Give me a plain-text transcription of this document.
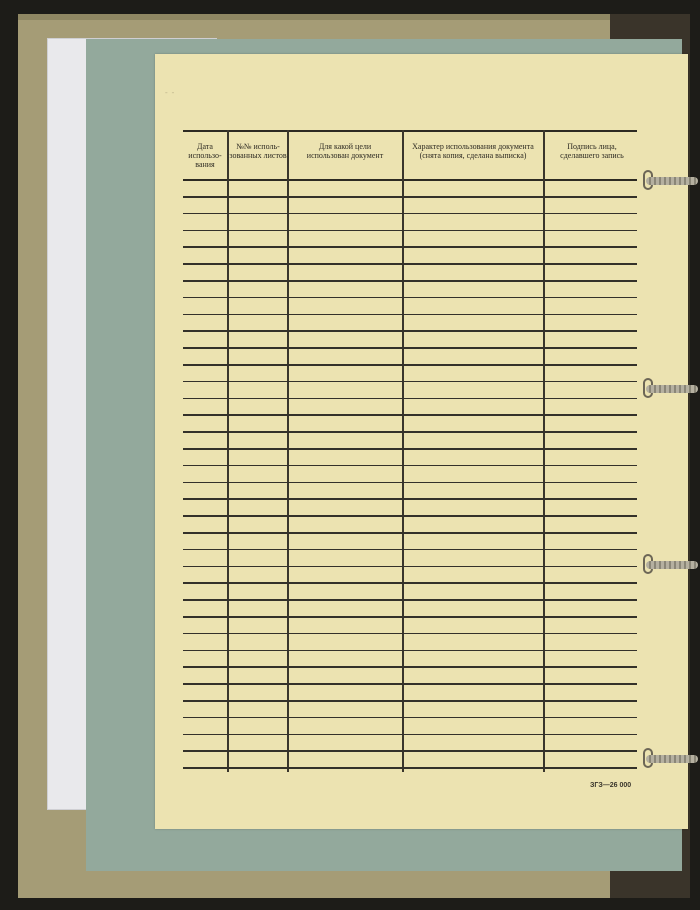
- -
Дата использо-вания
№№ исполь-зованных листов
Для какой цели использован документ
Характер использования документа (снята копия, сделана выписка)
Подпись лица, сделавшего запись
ЗГЗ—26 000
